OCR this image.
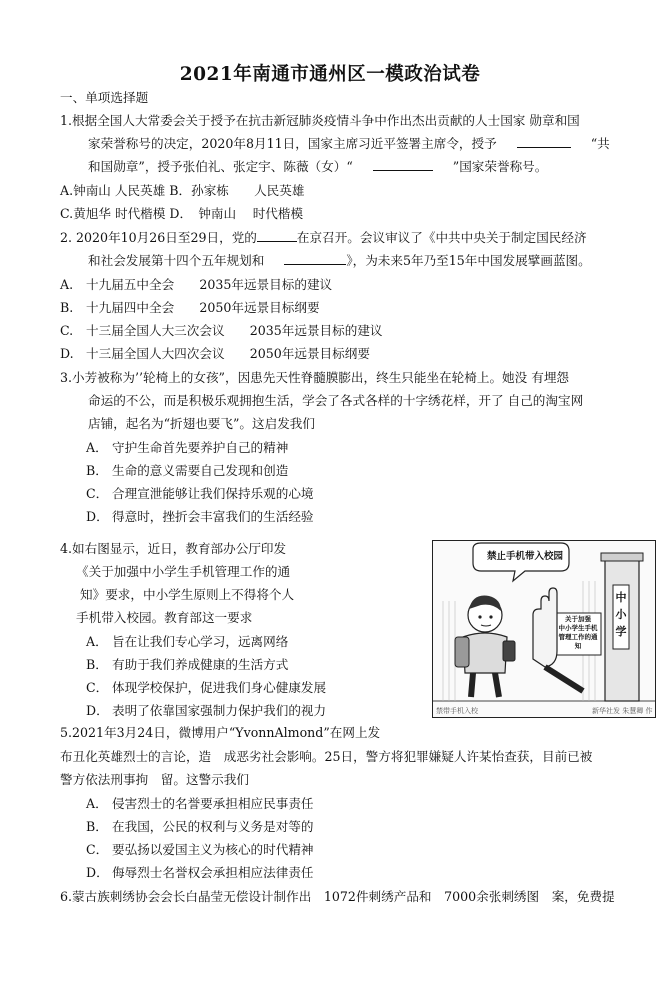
2021年南通市通州区一模政治试卷
一、单项选择题
1.根据全国人大常委会关于授予在抗击新冠肺炎疫情斗争中作出杰出贡献的人士国家 勋章和国
家荣誉称号的决定，2020年8月11日，国家主席习近平签署主席令，授予	“共
和国勋章”，授予张伯礼、张定宇、陈薇（女）“	”国家荣誉称号。
A.钟南山 人民英雄 B．孙家栋　　人民英雄
C.黄旭华 时代楷模 D．　钟南山　 时代楷模
2. 2020年10月26日至29日，党的	在京召开。会议审议了《中共中央关于制定国民经济
和社会发展第十四个五年规划和	》，为未来5年乃至15年中国发展擘画蓝图。
A. 十九届五中全会　　2035年远景目标的建议
B. 十九届四中全会　　2050年远景目标纲要
C. 十三届全国人大三次会议　　2035年远景目标的建议
D. 十三届全国人大四次会议　　2050年远景目标纲要
3.小芳被称为’’轮椅上的女孩”，因患先天性脊髓膜膨出，终生只能坐在轮椅上。她没 有埋怨
命运的不公，而是积极乐观拥抱生活，学会了各式各样的十字绣花样，开了 自己的淘宝网
店铺，起名为“折翅也要飞”。这启发我们
A． 守护生命首先要养护自己的精神
B． 生命的意义需要自己发现和创造
C． 合理宣泄能够让我们保持乐观的心境
D． 得意时，挫折会丰富我们的生活经验
4.如右图显示，近日，教育部办公厅印发
《关于加强中小学生手机管理工作的通
知》要求，中小学生原则上不得将个人
手机带入校园。教育部这一要求
A． 旨在让我们专心学习，远离网络
B． 有助于我们养成健康的生活方式
C． 体现学校保护，促进我们身心健康发展
D． 表明了依靠国家强制力保护我们的视力
禁止手机带入校园
关于加强
中小学生手机
管理工作的通知
中小学
禁带手机入校	新华社发 朱慧卿 作
5.2021年3月24日，微博用户“YvonnAlmond”在网上发
布丑化英雄烈士的言论，造　成恶劣社会影响。25日，警方将犯罪嫌疑人许某怡查获，目前已被
警方依法刑事拘　留。这警示我们
A． 侵害烈士的名誉要承担相应民事责任
B． 在我国，公民的权利与义务是对等的
C． 要弘扬以爱国主义为核心的时代精神
D． 侮辱烈士名誉权会承担相应法律责任
6.蒙古族刺绣协会会长白晶莹无偿设计制作出　1072件刺绣产品和　7000余张刺绣图　案，免费提
